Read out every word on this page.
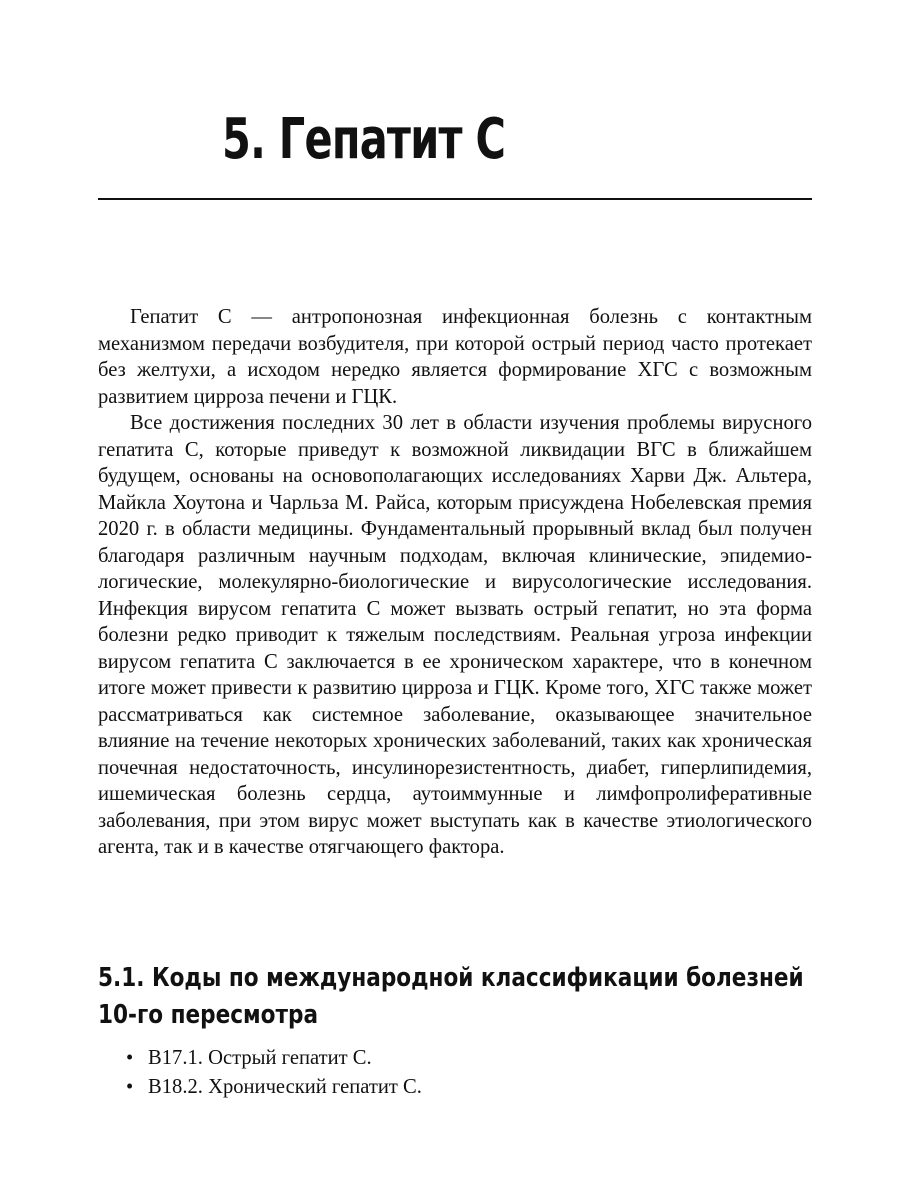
5. Гепатит С

Гепатит С — антропонозная инфекционная болезнь с контактным механизмом передачи возбудителя, при которой острый период часто протекает без желтухи, а исходом нередко является формирование ХГС с возможным развитием цирроза печени и ГЦК.

Все достижения последних 30 лет в области изучения проблемы вирусного гепатита С, которые приведут к возможной ликвидации ВГС в ближайшем будущем, основаны на основополагающих исследованиях Харви Дж. Альтера, Майкла Хоутона и Чарльза М. Райса, которым присуждена Нобелевская премия 2020 г. в области медицины. Фундаментальный прорывный вклад был получен благодаря различным научным подходам, включая клинические, эпидемиологические, молекулярно-биологические и вирусологические исследования. Инфекция вирусом гепатита С может вызвать острый гепатит, но эта форма болезни редко приводит к тяжелым последствиям. Реальная угроза инфекции вирусом гепатита С заключается в ее хроническом характере, что в конечном итоге может привести к развитию цирроза и ГЦК. Кроме того, ХГС также может рассматриваться как системное заболевание, оказывающее значительное влияние на течение некоторых хронических заболеваний, таких как хроническая почечная недостаточность, инсулинорезистентность, диабет, гиперлипидемия, ишемическая болезнь сердца, аутоиммунные и лимфопролиферативные заболевания, при этом вирус может выступать как в качестве этиологического агента, так и в качестве отягчающего фактора.

5.1. Коды по международной классификации болезней
10-го пересмотра
• В17.1. Острый гепатит С.
• В18.2. Хронический гепатит С.
